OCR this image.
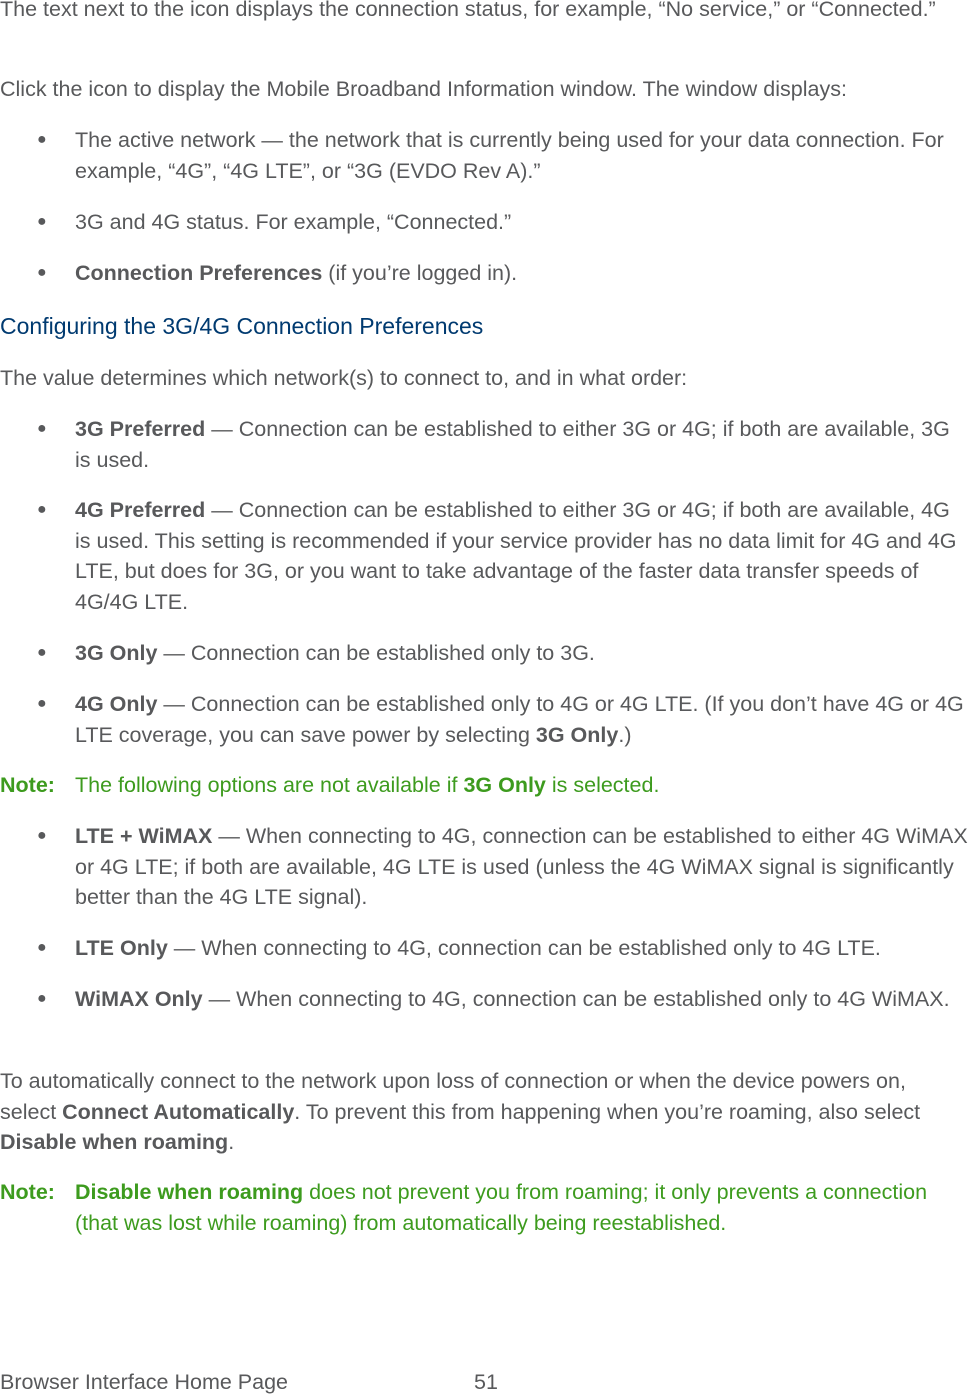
The text next to the icon displays the connection status, for example, “No service,” or “Connected.”

Click the icon to display the Mobile Broadband Information window. The window displays:

● The active network — the network that is currently being used for your data connection. For example, “4G”, “4G LTE”, or “3G (EVDO Rev A).”
● 3G and 4G status. For example, “Connected.”
● Connection Preferences (if you’re logged in).
Configuring the 3G/4G Connection Preferences

The value determines which network(s) to connect to, and in what order:

● 3G Preferred — Connection can be established to either 3G or 4G; if both are available, 3G is used.
● 4G Preferred — Connection can be established to either 3G or 4G; if both are available, 4G is used. This setting is recommended if your service provider has no data limit for 4G and 4G LTE, but does for 3G, or you want to take advantage of the faster data transfer speeds of 4G/4G LTE.
● 3G Only — Connection can be established only to 3G.
● 4G Only — Connection can be established only to 4G or 4G LTE. (If you don’t have 4G or 4G LTE coverage, you can save power by selecting 3G Only.)
Note: The following options are not available if 3G Only is selected.
● LTE + WiMAX — When connecting to 4G, connection can be established to either 4G WiMAX or 4G LTE; if both are available, 4G LTE is used (unless the 4G WiMAX signal is significantly better than the 4G LTE signal).
● LTE Only — When connecting to 4G, connection can be established only to 4G LTE.
● WiMAX Only — When connecting to 4G, connection can be established only to 4G WiMAX.

To automatically connect to the network upon loss of connection or when the device powers on, select Connect Automatically. To prevent this from happening when you’re roaming, also select Disable when roaming.

Note: Disable when roaming does not prevent you from roaming; it only prevents a connection (that was lost while roaming) from automatically being reestablished.
Browser Interface Home Page	51
